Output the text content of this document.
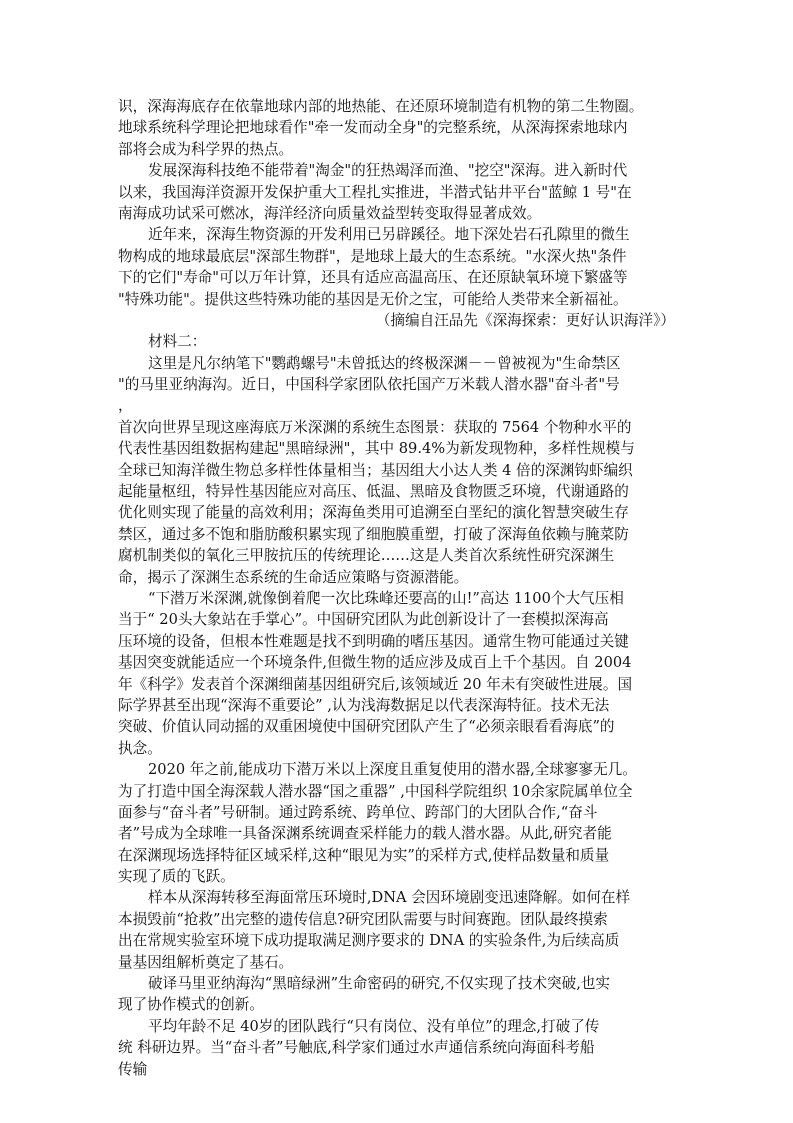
识，深海海底存在依靠地球内部的地热能、在还原环境制造有机物的第二生物圈。
地球系统科学理论把地球看作"牵一发而动全身"的完整系统，从深海探索地球内
部将会成为科学界的热点。
发展深海科技绝不能带着"淘金"的狂热竭泽而渔、"挖空"深海。进入新时代
以来，我国海洋资源开发保护重大工程扎实推进，半潜式钻井平台"蓝鲸 1 号"在
南海成功试采可燃冰，海洋经济向质量效益型转变取得显著成效。
近年来，深海生物资源的开发利用已另辟蹊径。地下深处岩石孔隙里的微生
物构成的地球最底层"深部生物群"，是地球上最大的生态系统。"水深火热"条件
下的它们"寿命"可以万年计算，还具有适应高温高压、在还原缺氧环境下繁盛等
"特殊功能"。提供这些特殊功能的基因是无价之宝，可能给人类带来全新福祉。
（摘编自汪品先《深海探索：更好认识海洋》）
材料二：
这里是凡尔纳笔下"鹦鹉螺号"未曾抵达的终极深渊－－曾被视为"生命禁区
"的马里亚纳海沟。近日，中国科学家团队依托国产万米载人潜水器"奋斗者"号
，
首次向世界呈现这座海底万米深渊的系统生态图景：获取的 7564 个物种水平的
代表性基因组数据构建起"黑暗绿洲"，其中 89.4%为新发现物种，多样性规模与
全球已知海洋微生物总多样性体量相当；基因组大小达人类 4 倍的深渊钩虾编织
起能量枢纽，特异性基因能应对高压、低温、黑暗及食物匮乏环境，代谢通路的
优化则实现了能量的高效利用；深海鱼类用可追溯至白垩纪的演化智慧突破生存
禁区，通过多不饱和脂肪酸积累实现了细胞膜重塑，打破了深海鱼依赖与腌菜防
腐机制类似的氧化三甲胺抗压的传统理论……这是人类首次系统性研究深渊生
命，揭示了深渊生态系统的生命适应策略与资源潜能。
“下潜万米深渊,就像倒着爬一次比珠峰还要高的山!”高达 1100个大气压相
当于“ 20头大象站在手掌心”。中国研究团队为此创新设计了一套模拟深海高
压环境的设备，但根本性难题是找不到明确的嗜压基因。通常生物可能通过关键
基因突变就能适应一个环境条件,但微生物的适应涉及成百上千个基因。自 2004
年《科学》发表首个深渊细菌基因组研究后,该领域近 20 年未有突破性进展。国
际学界甚至出现“深海不重要论” ,认为浅海数据足以代表深海特征。技术无法
突破、价值认同动摇的双重困境使中国研究团队产生了“必须亲眼看看海底”的
执念。
2020 年之前,能成功下潜万米以上深度且重复使用的潜水器,全球寥寥无几。
为了打造中国全海深载人潜水器“国之重器” ,中国科学院组织 10余家院属单位全
面参与“奋斗者”号研制。通过跨系统、跨单位、跨部门的大团队合作,“奋斗
者”号成为全球唯一具备深渊系统调查采样能力的载人潜水器。从此,研究者能
在深渊现场选择特征区域采样,这种“眼见为实”的采样方式,使样品数量和质量
实现了质的飞跃。
样本从深海转移至海面常压环境时,DNA 会因环境剧变迅速降解。如何在样
本损毁前“抢救”出完整的遗传信息?研究团队需要与时间赛跑。团队最终摸索
出在常规实验室环境下成功提取满足测序要求的 DNA 的实验条件,为后续高质
量基因组解析奠定了基石。
破译马里亚纳海沟“黑暗绿洲”生命密码的研究,不仅实现了技术突破,也实
现了协作模式的创新。
平均年龄不足 40岁的团队践行“只有岗位、没有单位”的理念,打破了传
统 科研边界。当“奋斗者”号触底,科学家们通过水声通信系统向海面科考船
传输
